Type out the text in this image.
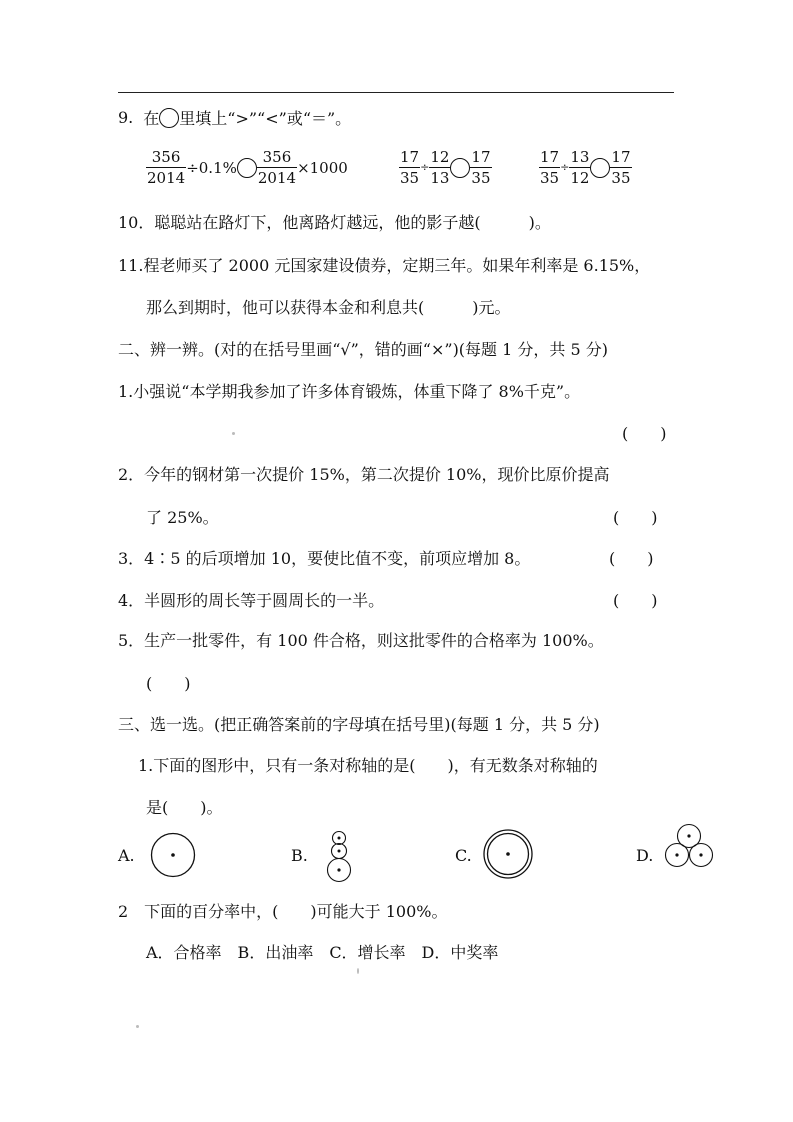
9. 在 里填上“>”“<”或“＝”。
$\frac{356}{2014} \div 0.1\% \frac{356}{2014} \times 1000$	$\frac{17}{35} \div \frac{12}{13} \frac{17}{35}$	$\frac{17}{35} \div \frac{13}{12} \frac{17}{35}$
10．聪聪站在路灯下，他离路灯越远，他的影子越(　　　)。
11.程老师买了 2000 元国家建设债券，定期三年。如果年利率是 6.15%，
那么到期时，他可以获得本金和利息共(　　　)元。
二、辨一辨。(对的在括号里画“√”，错的画“×”)(每题 1 分，共 5 分)
1.小强说“本学期我参加了许多体育锻炼，体重下降了 8%千克”。
(　　)
2．今年的钢材第一次提价 15%，第二次提价 10%，现价比原价提高
了 25%。	(　　)
3．4∶5 的后项增加 10，要使比值不变，前项应增加 8。	(　　)
4．半圆形的周长等于圆周长的一半。	(　　)
5．生产一批零件，有 100 件合格，则这批零件的合格率为 100%。
(　　)
三、选一选。(把正确答案前的字母填在括号里)(每题 1 分，共 5 分)
1.下面的图形中，只有一条对称轴的是(　　)，有无数条对称轴的
是(　　)。
A.	B.	C.	D.
2　下面的百分率中，(　　)可能大于 100%。
A．合格率　B．出油率　C．增长率　D．中奖率
